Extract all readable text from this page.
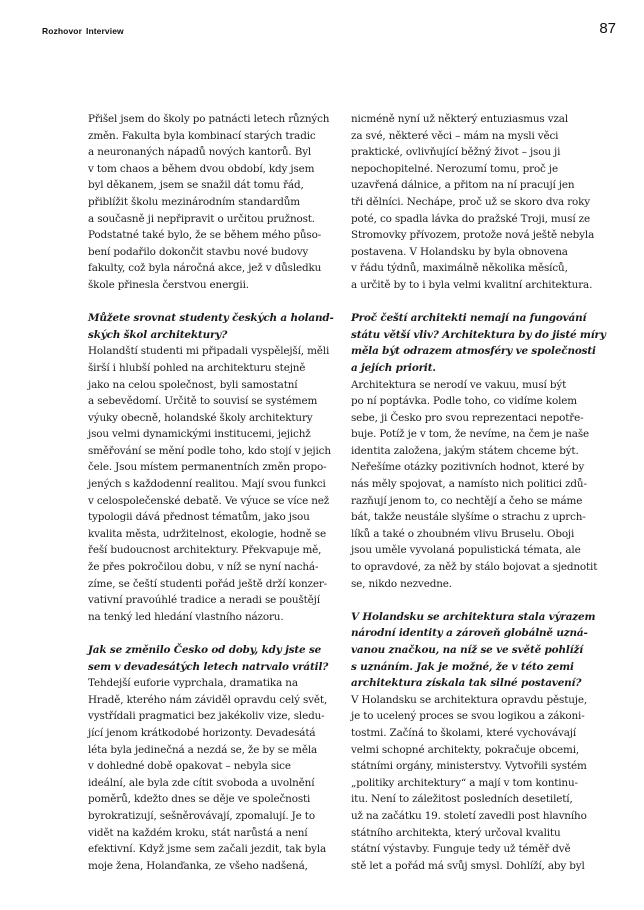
Rozhovor Interview	87

Přišel jsem do školy po patnácti letech různých
změn. Fakulta byla kombinací starých tradic
a neuronaných nápadů nových kantorů. Byl
v tom chaos a během dvou období, kdy jsem
byl děkanem, jsem se snažil dát tomu řád,
přiblížit školu mezinárodním standardům
a současně ji nepřipravit o určitou pružnost.
Podstatné také bylo, že se během mého půso-
bení podařilo dokončit stavbu nové budovy
fakulty, což byla náročná akce, jež v důsledku
škole přinesla čerstvou energii.

Můžete srovnat studenty českých a holand-
ských škol architektury?

Holandští studenti mi připadali vyspělejší, měli
širší i hlubší pohled na architekturu stejně
jako na celou společnost, byli samostatní
a sebevědomí. Určitě to souvisí se systémem
výuky obecně, holandské školy architektury
jsou velmi dynamickými institucemi, jejichž
směřování se mění podle toho, kdo stojí v jejich
čele. Jsou místem permanentních změn propo-
jených s každodenní realitou. Mají svou funkci
v celospolečenské debatě. Ve výuce se více než
typologii dává přednost tématům, jako jsou
kvalita města, udržitelnost, ekologie, hodně se
řeší budoucnost architektury. Překvapuje mě,
že přes pokročilou dobu, v níž se nyní nachá-
zíme, se čeští studenti pořád ještě drží konzer-
vativní pravoúhlé tradice a neradi se pouštějí
na tenký led hledání vlastního názoru.

Jak se změnilo Česko od doby, kdy jste se
sem v devadesátých letech natrvalo vrátil?

Tehdejší euforie vyprchala, dramatika na
Hradě, kterého nám záviděl opravdu celý svět,
vystřídali pragmatici bez jakékoliv vize, sledu-
jící jenom krátkodobé horizonty. Devadesátá
léta byla jedinečná a nezdá se, že by se měla
v dohledné době opakovat – nebyla sice
ideální, ale byla zde cítit svoboda a uvolnění
poměrů, kdežto dnes se děje ve společnosti
byrokratizují, sešněrovávají, zpomalují. Je to
vidět na každém kroku, stát narůstá a není
efektivní. Když jsme sem začali jezdit, tak byla
moje žena, Holanďanka, ze všeho nadšená,

nicméně nyní už některý entuziasmus vzal
za své, některé věci – mám na mysli věci
praktické, ovlivňující běžný život – jsou ji
nepochopitelné. Nerozumí tomu, proč je
uzavřená dálnice, a přitom na ní pracují jen
tři dělníci. Nechápe, proč už se skoro dva roky
poté, co spadla lávka do pražské Troji, musí ze
Stromovky přívozem, protože nová ještě nebyla
postavena. V Holandsku by byla obnovena
v řádu týdnů, maximálně několika měsíců,
a určitě by to i byla velmi kvalitní architektura.

Proč čeští architekti nemají na fungování
státu větší vliv? Architektura by do jisté míry
měla být odrazem atmosféry ve společnosti
a jejích priorit.

Architektura se nerodí ve vakuu, musí být
po ní poptávka. Podle toho, co vidíme kolem
sebe, ji Česko pro svou reprezentaci nepotře-
buje. Potíž je v tom, že nevíme, na čem je naše
identita založena, jakým státem chceme být.
Neřešíme otázky pozitivních hodnot, které by
nás měly spojovat, a namísto nich politici zdů-
razňují jenom to, co nechtějí a čeho se máme
bát, takže neustále slyšíme o strachu z uprch-
líků a také o zhoubném vlivu Bruselu. Oboji
jsou uměle vyvolaná populistická témata, ale
to opravdové, za něž by stálo bojovat a sjednotit
se, nikdo nezvedne.

V Holandsku se architektura stala výrazem
národní identity a zároveň globálně uzná-
vanou značkou, na níž se ve světě pohlíží
s uznáním. Jak je možné, že v této zemi
architektura získala tak silné postavení?

V Holandsku se architektura opravdu pěstuje,
je to ucelený proces se svou logikou a zákoni-
tostmi. Začíná to školami, které vychovávají
velmi schopné architekty, pokračuje obcemi,
státními orgány, ministerstvy. Vytvořili systém
„politiky architektury“ a mají v tom kontinu-
itu. Není to záležitost posledních desetiletí,
už na začátku 19. století zavedli post hlavního
státního architekta, který určoval kvalitu
státní výstavby. Funguje tedy už téměř dvě
stě let a pořád má svůj smysl. Dohlíží, aby byl
